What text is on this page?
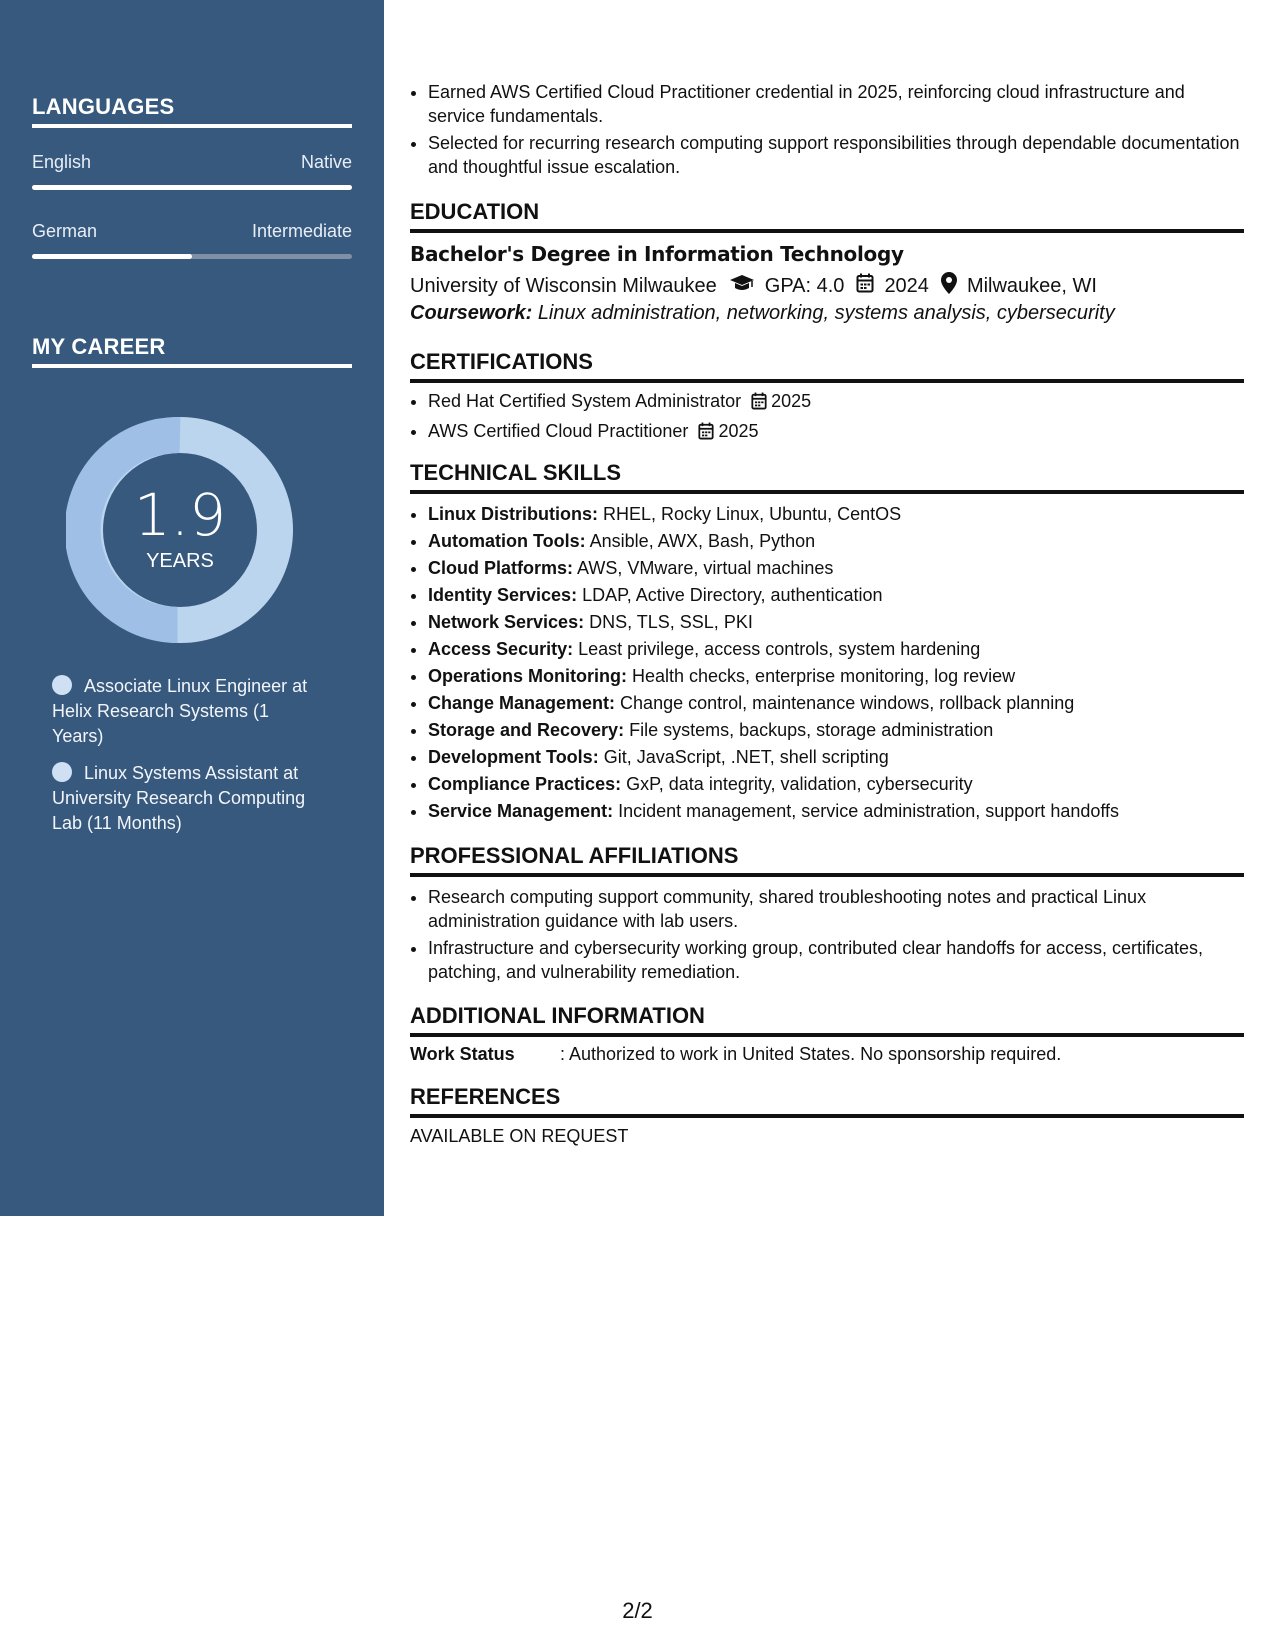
LANGUAGES
English	Native
German	Intermediate
MY CAREER
1.9
YEARS
Associate Linux Engineer at Helix Research Systems (1 Years)
Linux Systems Assistant at University Research Computing Lab (11 Months)
• Earned AWS Certified Cloud Practitioner credential in 2025, reinforcing cloud infrastructure and service fundamentals.
• Selected for recurring research computing support responsibilities through dependable documentation and thoughtful issue escalation.
EDUCATION
Bachelor's Degree in Information Technology
University of Wisconsin Milwaukee GPA: 4.0 2024 Milwaukee, WI
Coursework: Linux administration, networking, systems analysis, cybersecurity
CERTIFICATIONS
• Red Hat Certified System Administrator 2025
• AWS Certified Cloud Practitioner 2025
TECHNICAL SKILLS
• Linux Distributions: RHEL, Rocky Linux, Ubuntu, CentOS
• Automation Tools: Ansible, AWX, Bash, Python
• Cloud Platforms: AWS, VMware, virtual machines
• Identity Services: LDAP, Active Directory, authentication
• Network Services: DNS, TLS, SSL, PKI
• Access Security: Least privilege, access controls, system hardening
• Operations Monitoring: Health checks, enterprise monitoring, log review
• Change Management: Change control, maintenance windows, rollback planning
• Storage and Recovery: File systems, backups, storage administration
• Development Tools: Git, JavaScript, .NET, shell scripting
• Compliance Practices: GxP, data integrity, validation, cybersecurity
• Service Management: Incident management, service administration, support handoffs
PROFESSIONAL AFFILIATIONS
• Research computing support community, shared troubleshooting notes and practical Linux administration guidance with lab users.
• Infrastructure and cybersecurity working group, contributed clear handoffs for access, certificates, patching, and vulnerability remediation.
ADDITIONAL INFORMATION
Work Status	: Authorized to work in United States. No sponsorship required.
REFERENCES
AVAILABLE ON REQUEST
2/2
